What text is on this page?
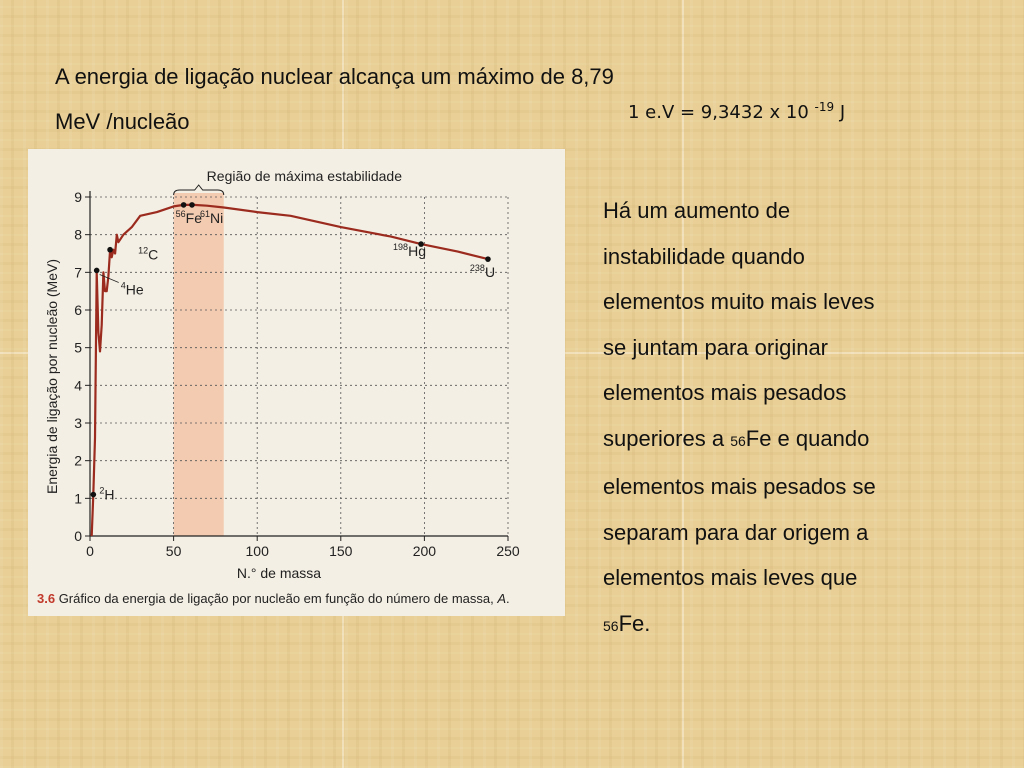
A energia de ligação nuclear alcança um máximo de 8,79 MeV /nucleão	1 e.V = 9,3432 x 10 $^{-19}$ J
Há um aumento de
instabilidade quando
elementos muito mais leves
se juntam para originar
elementos mais pesados
superiores a 56Fe e quando
elementos mais pesados se
separam para dar origem a
elementos mais leves que
56Fe.
0
1
2
3
4
5
6
7
8
9
0	50	100	150	200	250
N.° de massa
Energia de ligação por nucleão (MeV)
Região de máxima estabilidade
$^2$H
$^4$He
$^{12}$C
$^{56}$Fe
$^{61}$Ni
$^{198}$Hg
$^{238}$U
3.6 Gráfico da energia de ligação por nucleão em função do número de massa, A.
